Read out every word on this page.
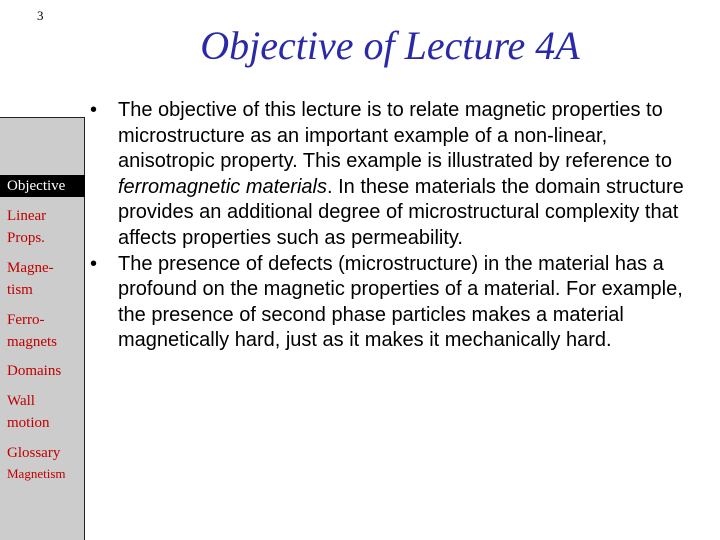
3
Objective of Lecture 4A
Objective
Linear
Props.
Magne-
tism
Ferro-
magnets
Domains
Wall
motion
Glossary
Magnetism
• The objective of this lecture is to relate magnetic properties to microstructure as an important example of a non-linear, anisotropic property. This example is illustrated by reference to ferromagnetic materials. In these materials the domain structure provides an additional degree of microstructural complexity that affects properties such as permeability.
• The presence of defects (microstructure) in the material has a profound on the magnetic properties of a material. For example, the presence of second phase particles makes a material magnetically hard, just as it makes it mechanically hard.
